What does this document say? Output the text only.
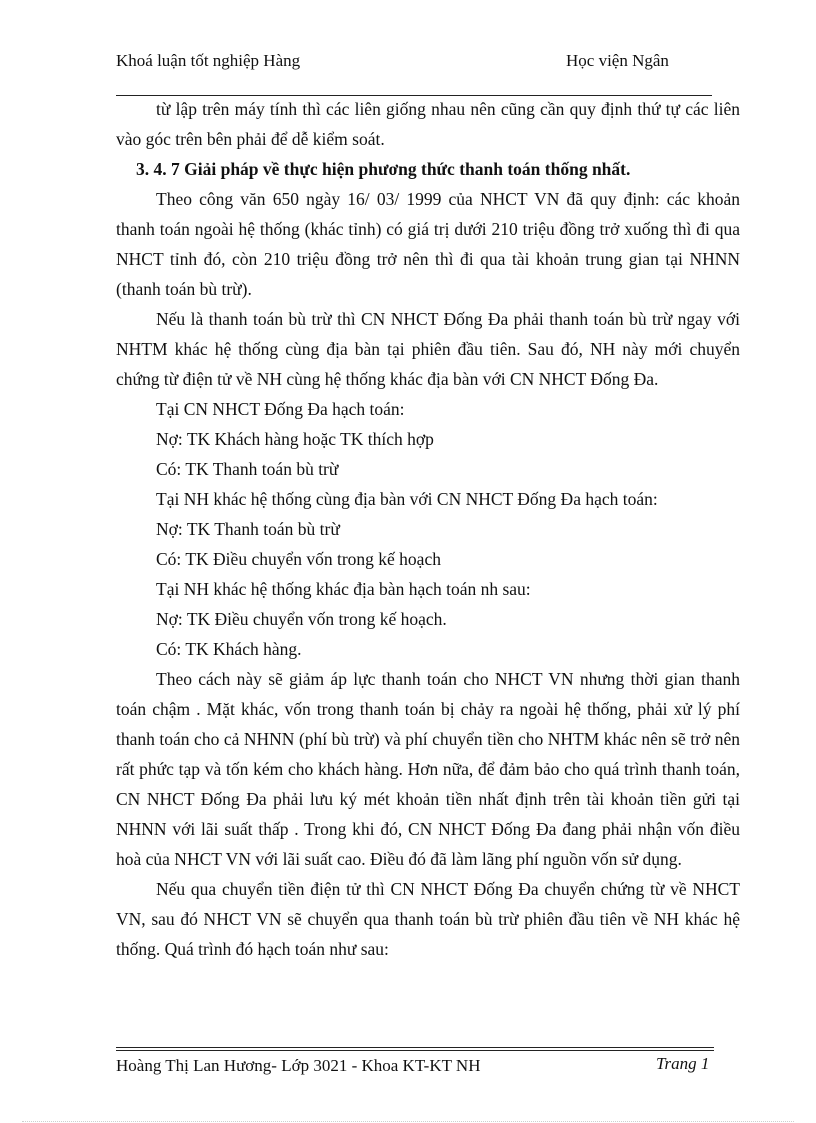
Khoá luận tốt nghiệp Hàng	Học viện Ngân

từ lập trên máy tính thì các liên giống nhau nên cũng cần quy định thứ tự các liên vào góc trên bên phải để dễ kiểm soát.

3. 4. 7 Giải pháp về thực hiện phương thức thanh toán thống nhất.

Theo công văn 650 ngày 16/ 03/ 1999 của NHCT VN đã quy định: các khoản thanh toán ngoài hệ thống (khác tỉnh) có giá trị dưới 210 triệu đồng trở xuống thì đi qua NHCT tỉnh đó, còn 210 triệu đồng trở nên thì đi qua tài khoản trung gian tại NHNN (thanh toán bù trừ).

Nếu là thanh toán bù trừ thì CN NHCT Đống Đa phải thanh toán bù trừ ngay với NHTM khác hệ thống cùng địa bàn tại phiên đầu tiên. Sau đó, NH này mới chuyển chứng từ điện tử về NH cùng hệ thống khác địa bàn với CN NHCT Đống Đa.

Tại CN NHCT Đống Đa hạch toán:

Nợ: TK Khách hàng hoặc TK thích hợp

Có: TK Thanh toán bù trừ

Tại NH khác hệ thống cùng địa bàn với CN NHCT Đống Đa hạch toán:

Nợ: TK Thanh toán bù trừ

Có: TK Điều chuyển vốn trong kế hoạch

Tại NH khác hệ thống khác địa bàn hạch toán nh sau:

Nợ: TK Điều chuyển vốn trong kế hoạch.

Có: TK Khách hàng.

Theo cách này sẽ giảm áp lực thanh toán cho NHCT VN nhưng thời gian thanh toán chậm . Mặt khác, vốn trong thanh toán bị chảy ra ngoài hệ thống, phải xử lý phí thanh toán cho cả NHNN (phí bù trừ) và phí chuyển tiền cho NHTM khác nên sẽ trở nên rất phức tạp và tốn kém cho khách hàng. Hơn nữa, để đảm bảo cho quá trình thanh toán, CN NHCT Đống Đa phải lưu ký mét khoản tiền nhất định trên tài khoản tiền gửi tại NHNN với lãi suất thấp . Trong khi đó, CN NHCT Đống Đa đang phải nhận vốn điều hoà của NHCT VN với lãi suất cao. Điều đó đã làm lãng phí nguồn vốn sử dụng.

Nếu qua chuyển tiền điện tử thì CN NHCT Đống Đa chuyển chứng từ về NHCT VN, sau đó NHCT VN sẽ chuyển qua thanh toán bù trừ phiên đầu tiên về NH khác hệ thống. Quá trình đó hạch toán như sau:

Hoàng Thị Lan Hương- Lớp 3021 - Khoa KT-KT NH	Trang 1
